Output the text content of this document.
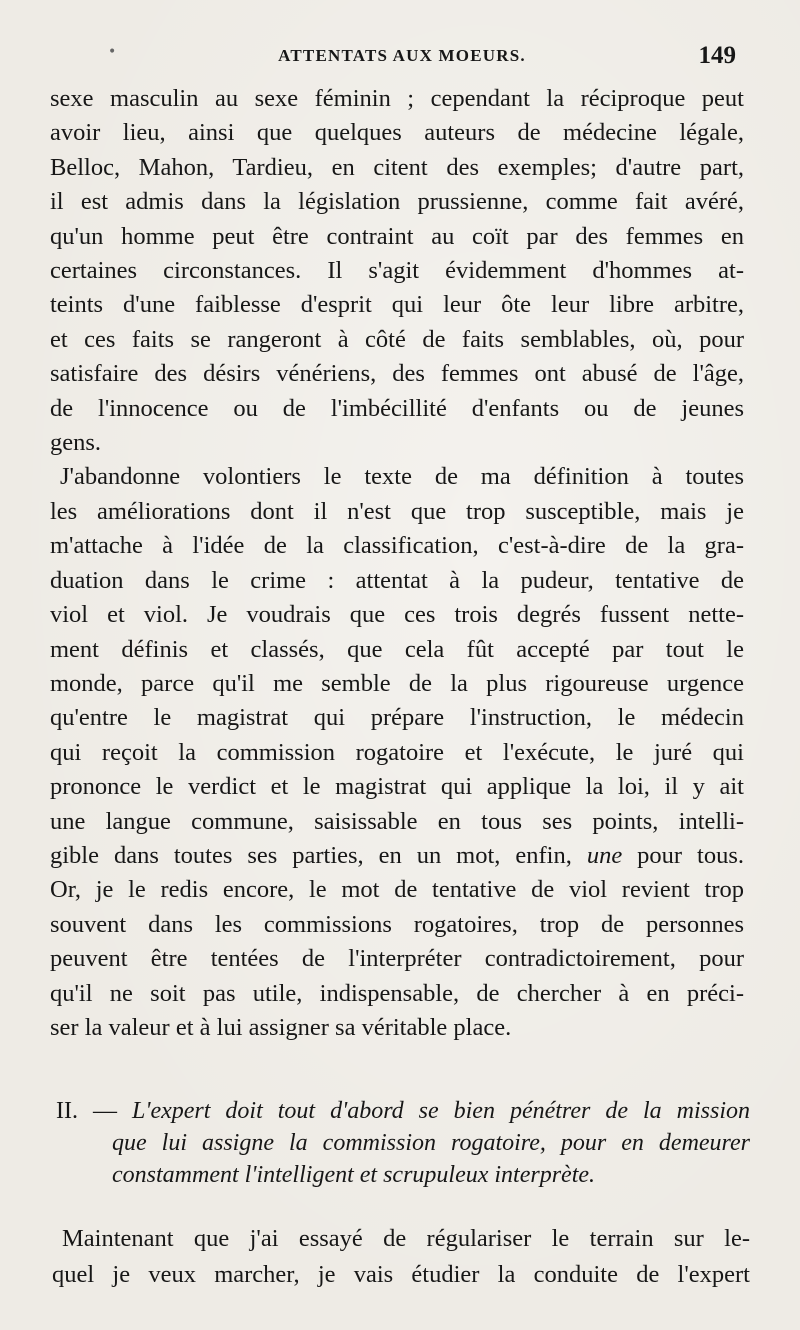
•	ATTENTATS AUX MOEURS.	149
sexe masculin au sexe féminin ; cependant la réciproque peut
avoir lieu, ainsi que quelques auteurs de médecine légale,
Belloc, Mahon, Tardieu, en citent des exemples; d'autre part,
il est admis dans la législation prussienne, comme fait avéré,
qu'un homme peut être contraint au coït par des femmes en
certaines circonstances. Il s'agit évidemment d'hommes at-
teints d'une faiblesse d'esprit qui leur ôte leur libre arbitre,
et ces faits se rangeront à côté de faits semblables, où, pour
satisfaire des désirs vénériens, des femmes ont abusé de l'âge,
de l'innocence ou de l'imbécillité d'enfants ou de jeunes
gens.
J'abandonne volontiers le texte de ma définition à toutes
les améliorations dont il n'est que trop susceptible, mais je
m'attache à l'idée de la classification, c'est-à-dire de la gra-
duation dans le crime : attentat à la pudeur, tentative de
viol et viol. Je voudrais que ces trois degrés fussent nette-
ment définis et classés, que cela fût accepté par tout le
monde, parce qu'il me semble de la plus rigoureuse urgence
qu'entre le magistrat qui prépare l'instruction, le médecin
qui reçoit la commission rogatoire et l'exécute, le juré qui
prononce le verdict et le magistrat qui applique la loi, il y ait
une langue commune, saisissable en tous ses points, intelli-
gible dans toutes ses parties, en un mot, enfin, une pour tous.
Or, je le redis encore, le mot de tentative de viol revient trop
souvent dans les commissions rogatoires, trop de personnes
peuvent être tentées de l'interpréter contradictoirement, pour
qu'il ne soit pas utile, indispensable, de chercher à en préci-
ser la valeur et à lui assigner sa véritable place.
II. — L'expert doit tout d'abord se bien pénétrer de la mission
que lui assigne la commission rogatoire, pour en demeurer
constamment l'intelligent et scrupuleux interprète.
Maintenant que j'ai essayé de régulariser le terrain sur le-
quel je veux marcher, je vais étudier la conduite de l'expert
